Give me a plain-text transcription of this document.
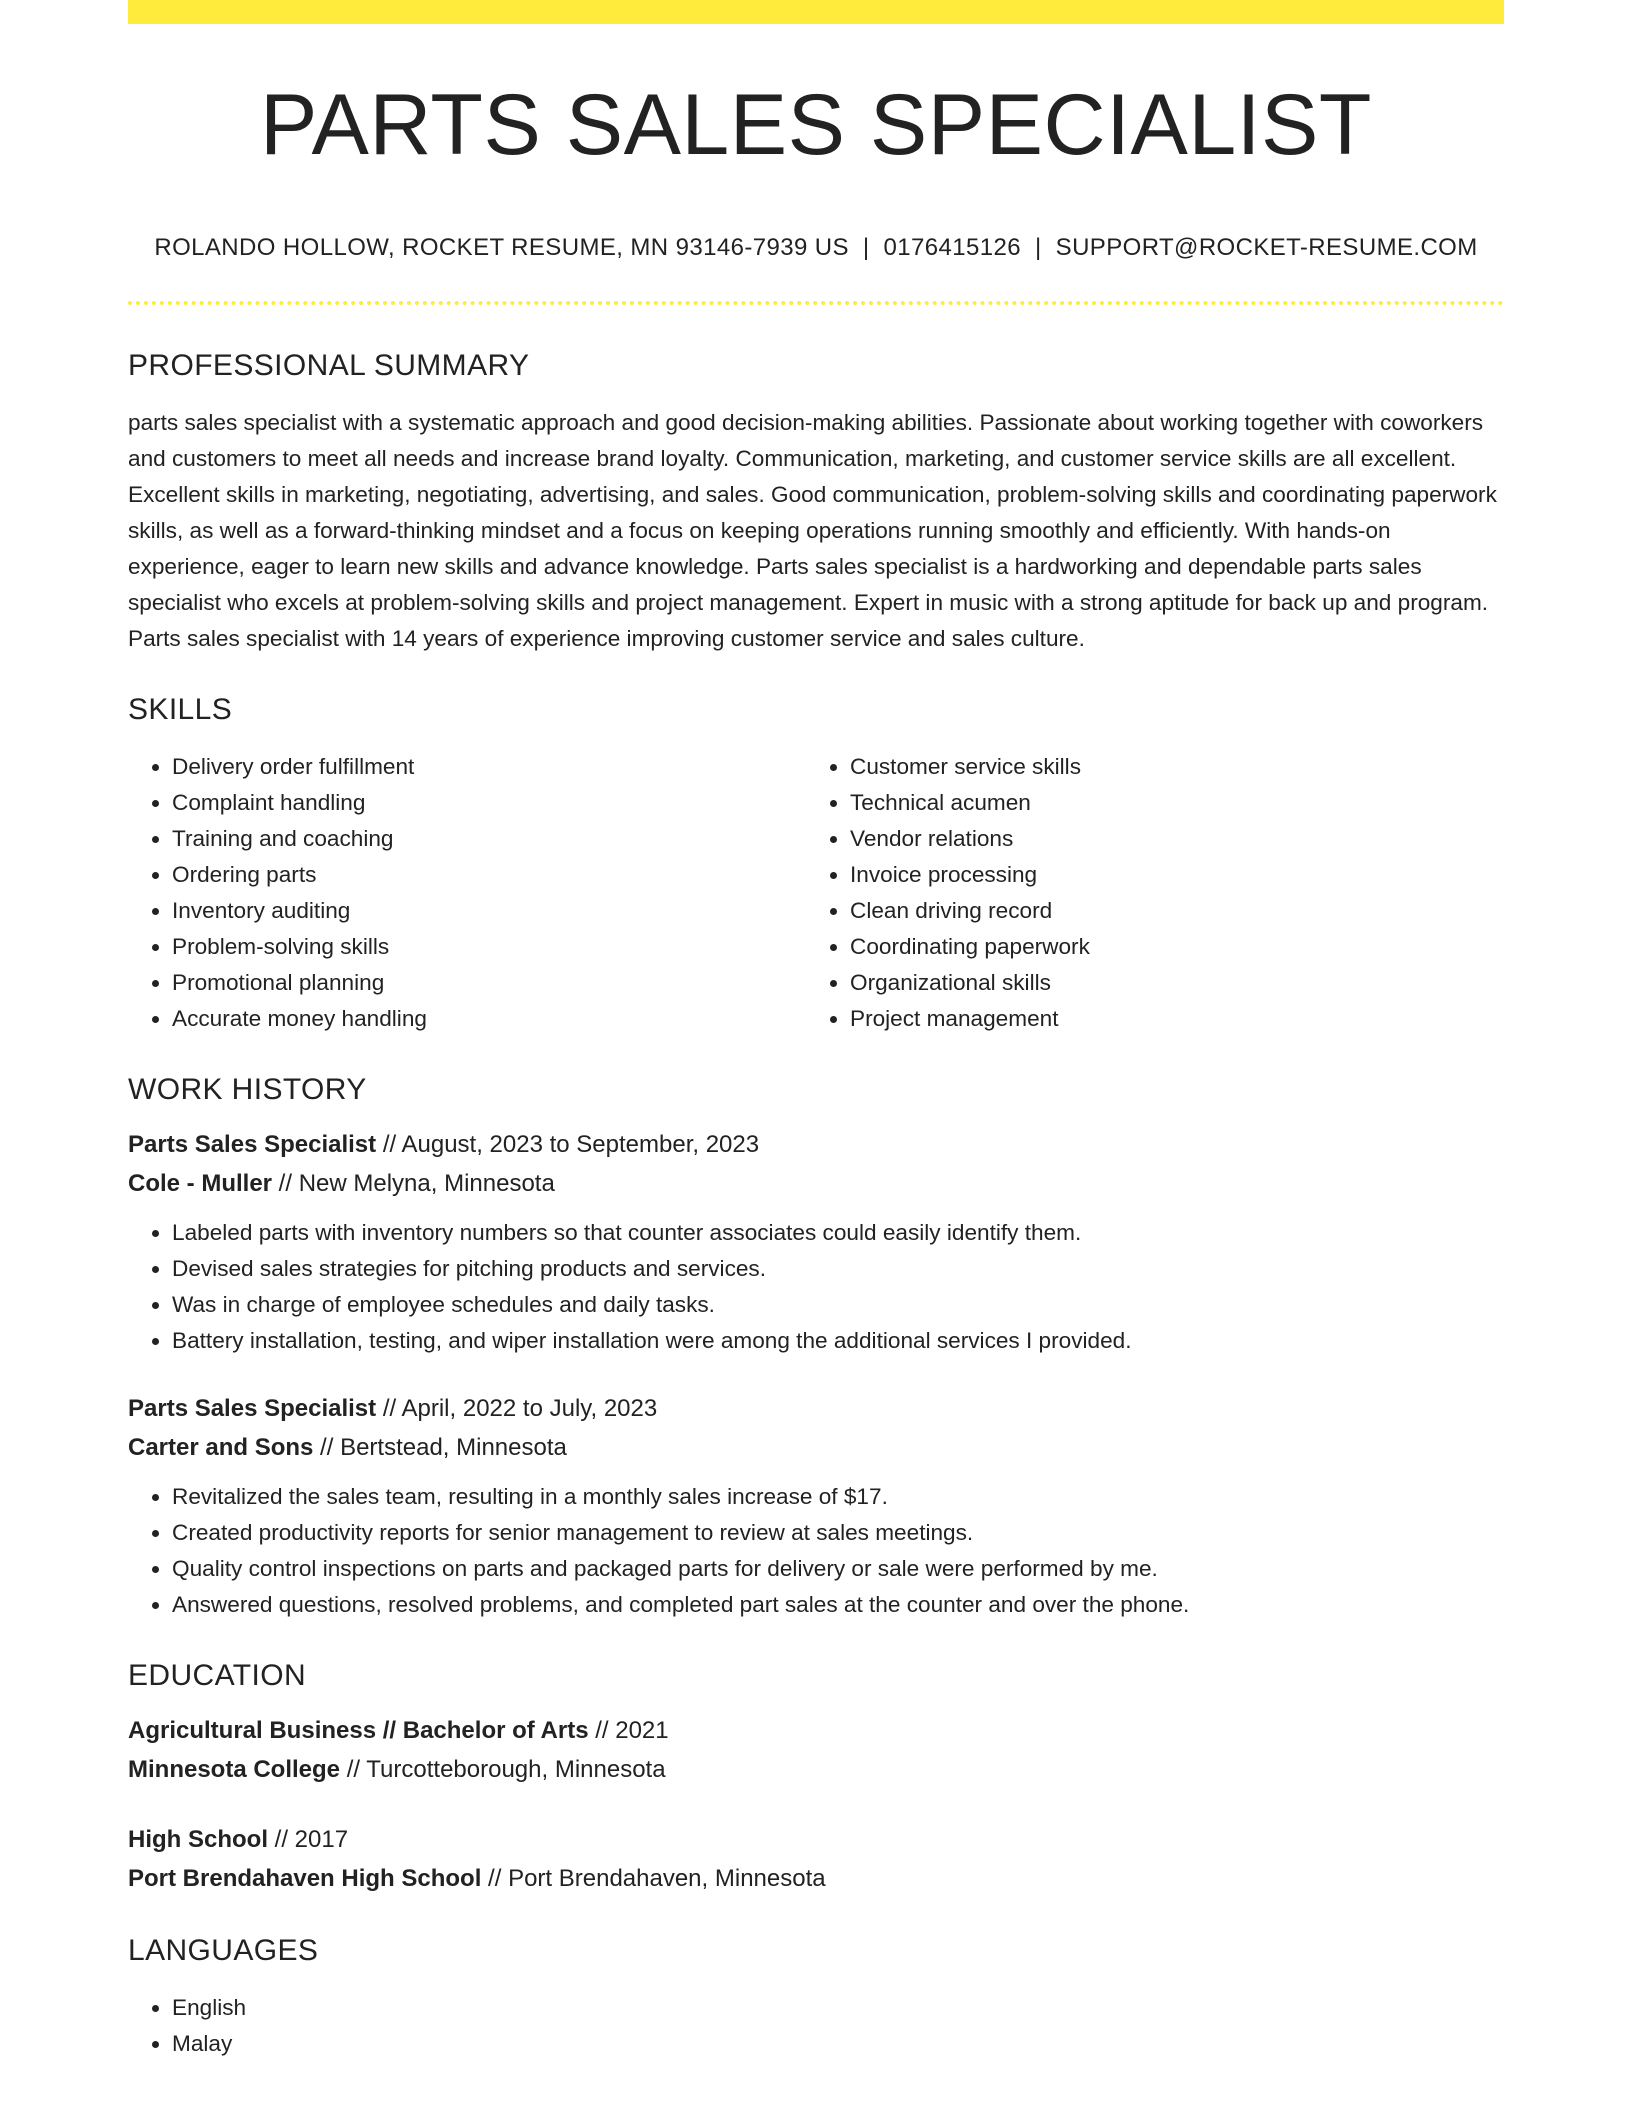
PARTS SALES SPECIALIST
ROLANDO HOLLOW, ROCKET RESUME, MN 93146-7939 US | 0176415126 | SUPPORT@ROCKET-RESUME.COM
PROFESSIONAL SUMMARY

parts sales specialist with a systematic approach and good decision-making abilities. Passionate about working together with coworkers and customers to meet all needs and increase brand loyalty. Communication, marketing, and customer service skills are all excellent. Excellent skills in marketing, negotiating, advertising, and sales. Good communication, problem-solving skills and coordinating paperwork skills, as well as a forward-thinking mindset and a focus on keeping operations running smoothly and efficiently. With hands-on experience, eager to learn new skills and advance knowledge. Parts sales specialist is a hardworking and dependable parts sales specialist who excels at problem-solving skills and project management. Expert in music with a strong aptitude for back up and program. Parts sales specialist with 14 years of experience improving customer service and sales culture.

SKILLS
• Delivery order fulfillment
• Complaint handling
• Training and coaching
• Ordering parts
• Inventory auditing
• Problem-solving skills
• Promotional planning
• Accurate money handling
• Customer service skills
• Technical acumen
• Vendor relations
• Invoice processing
• Clean driving record
• Coordinating paperwork
• Organizational skills
• Project management
WORK HISTORY
Parts Sales Specialist // August, 2023 to September, 2023
Cole - Muller // New Melyna, Minnesota
• Labeled parts with inventory numbers so that counter associates could easily identify them.
• Devised sales strategies for pitching products and services.
• Was in charge of employee schedules and daily tasks.
• Battery installation, testing, and wiper installation were among the additional services I provided.
Parts Sales Specialist // April, 2022 to July, 2023
Carter and Sons // Bertstead, Minnesota
• Revitalized the sales team, resulting in a monthly sales increase of $17.
• Created productivity reports for senior management to review at sales meetings.
• Quality control inspections on parts and packaged parts for delivery or sale were performed by me.
• Answered questions, resolved problems, and completed part sales at the counter and over the phone.
EDUCATION
Agricultural Business // Bachelor of Arts // 2021
Minnesota College // Turcotteborough, Minnesota
High School // 2017
Port Brendahaven High School // Port Brendahaven, Minnesota
LANGUAGES
• English
• Malay
